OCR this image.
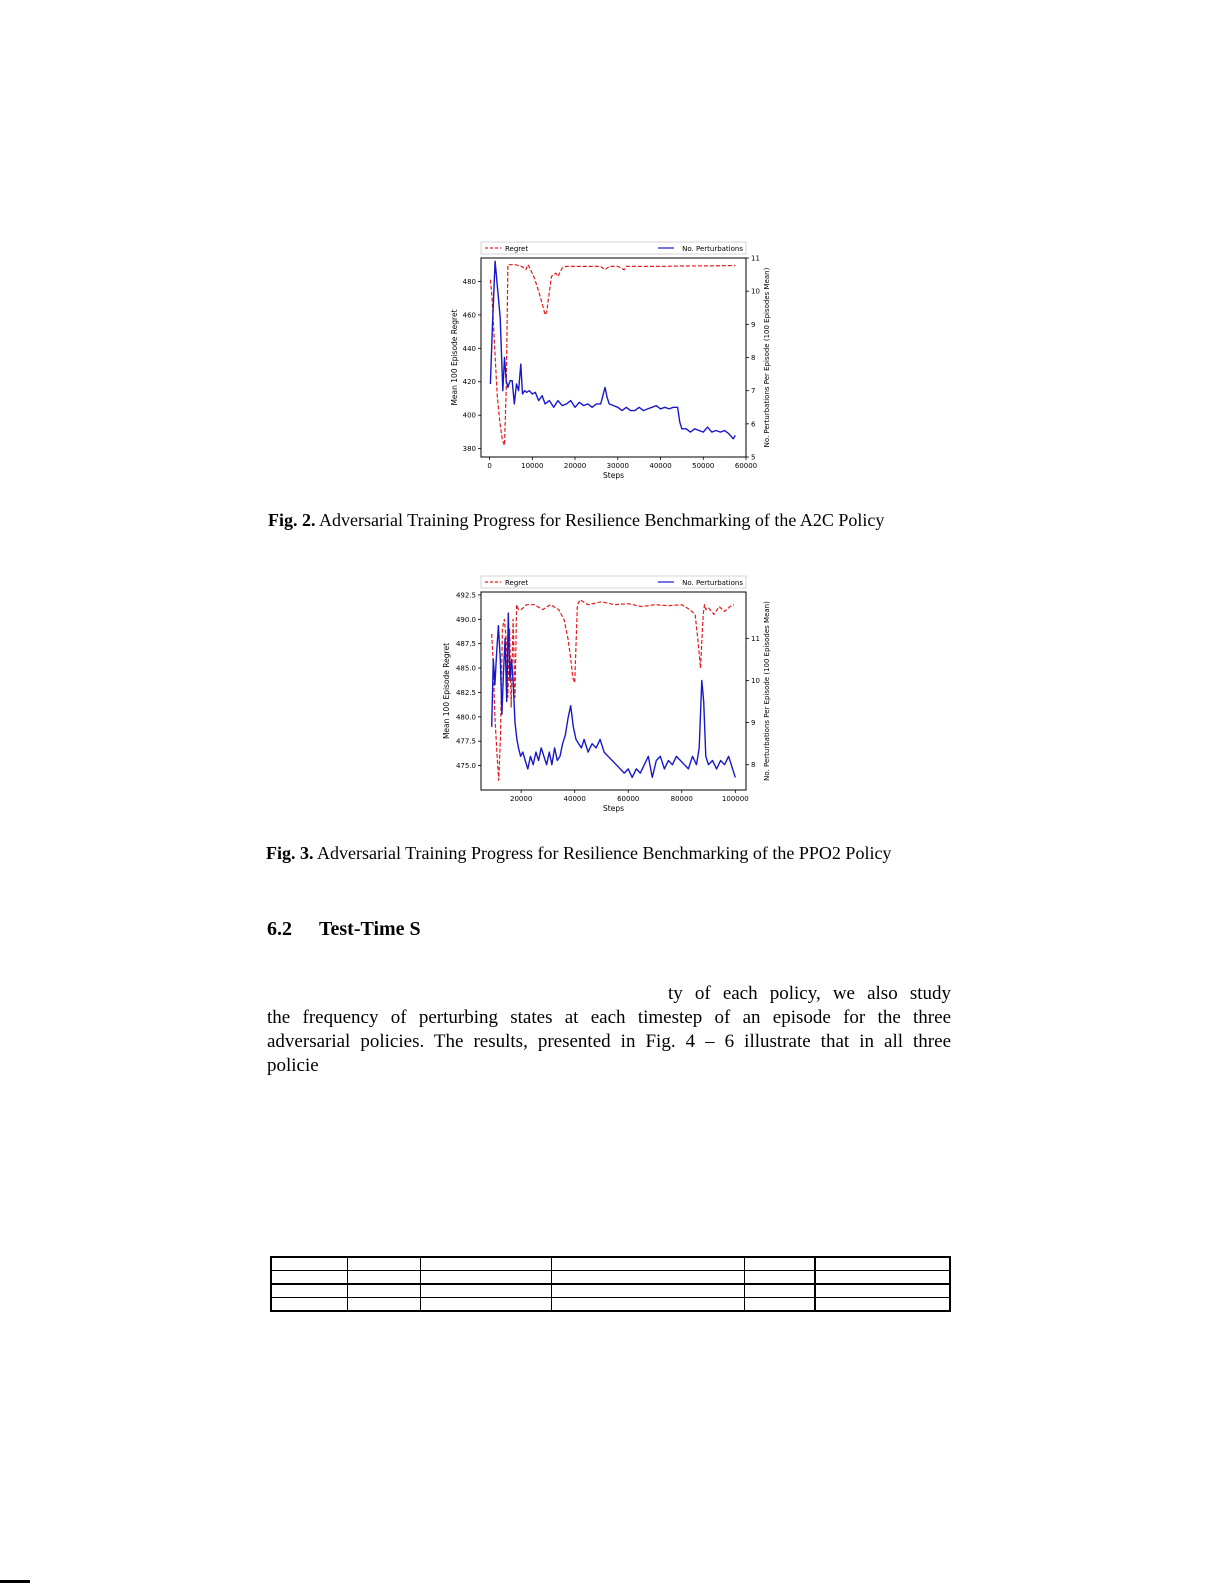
Regret	No. Perturbations
0	10000	20000	30000	40000	50000	60000
380
400
420
440
460
480
5
6
7
8
9
10
11
Steps
Mean 100 Episode Regret	No. Perturbations Per Episode (100 Episodes Mean)
Fig. 2. Adversarial Training Progress for Resilience Benchmarking of the A2C Policy
Regret	No. Perturbations
20000	40000	60000	80000	100000
475.0
477.5
480.0
482.5
485.0
487.5
490.0
492.5
8
9
10
11
Steps
Mean 100 Episode Regret	No. Perturbations Per Episode (100 Episodes Mean)
Fig. 3. Adversarial Training Progress for Resilience Benchmarking of the PPO2 Policy
6.2 Test-Time S
ty of each policy, we also study
the frequency of perturbing states at each timestep of an episode for the three
adversarial policies. The results, presented in Fig. 4 – 6 illustrate that in all three
policie
